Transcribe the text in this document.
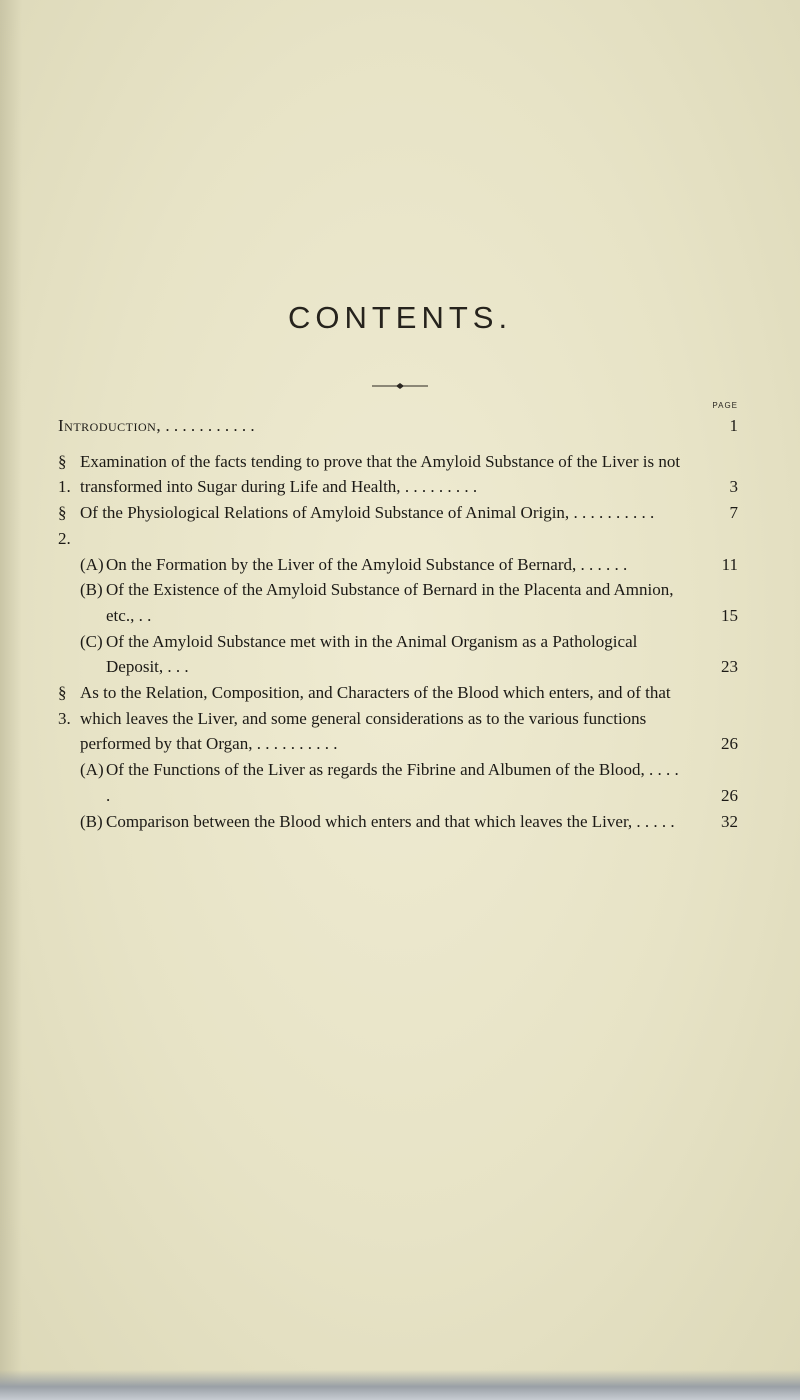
CONTENTS.
PAGE
Introduction, . . . . . . . . . . .	1
§ 1.
Examination of the facts tending to prove that the Amyloid Substance of the Liver is not transformed into Sugar during Life and Health, . . . . . . . . .	3
§ 2.
Of the Physiological Relations of Amyloid Substance of Animal Origin, . . . . . . . . . .	7
(A) On the Formation by the Liver of the Amyloid Substance of Bernard, . . . . . .	11
(B) Of the Existence of the Amyloid Substance of Bernard in the Placenta and Amnion, etc., . .	15
(C) Of the Amyloid Substance met with in the Animal Organism as a Pathological Deposit, . . .	23
§ 3.
As to the Relation, Composition, and Characters of the Blood which enters, and of that which leaves the Liver, and some general considerations as to the various functions performed by that Organ, . . . . . . . . . .	26
(A) Of the Functions of the Liver as regards the Fibrine and Albumen of the Blood, . . . . .	26
(B) Comparison between the Blood which enters and that which leaves the Liver, . . . . .	32
